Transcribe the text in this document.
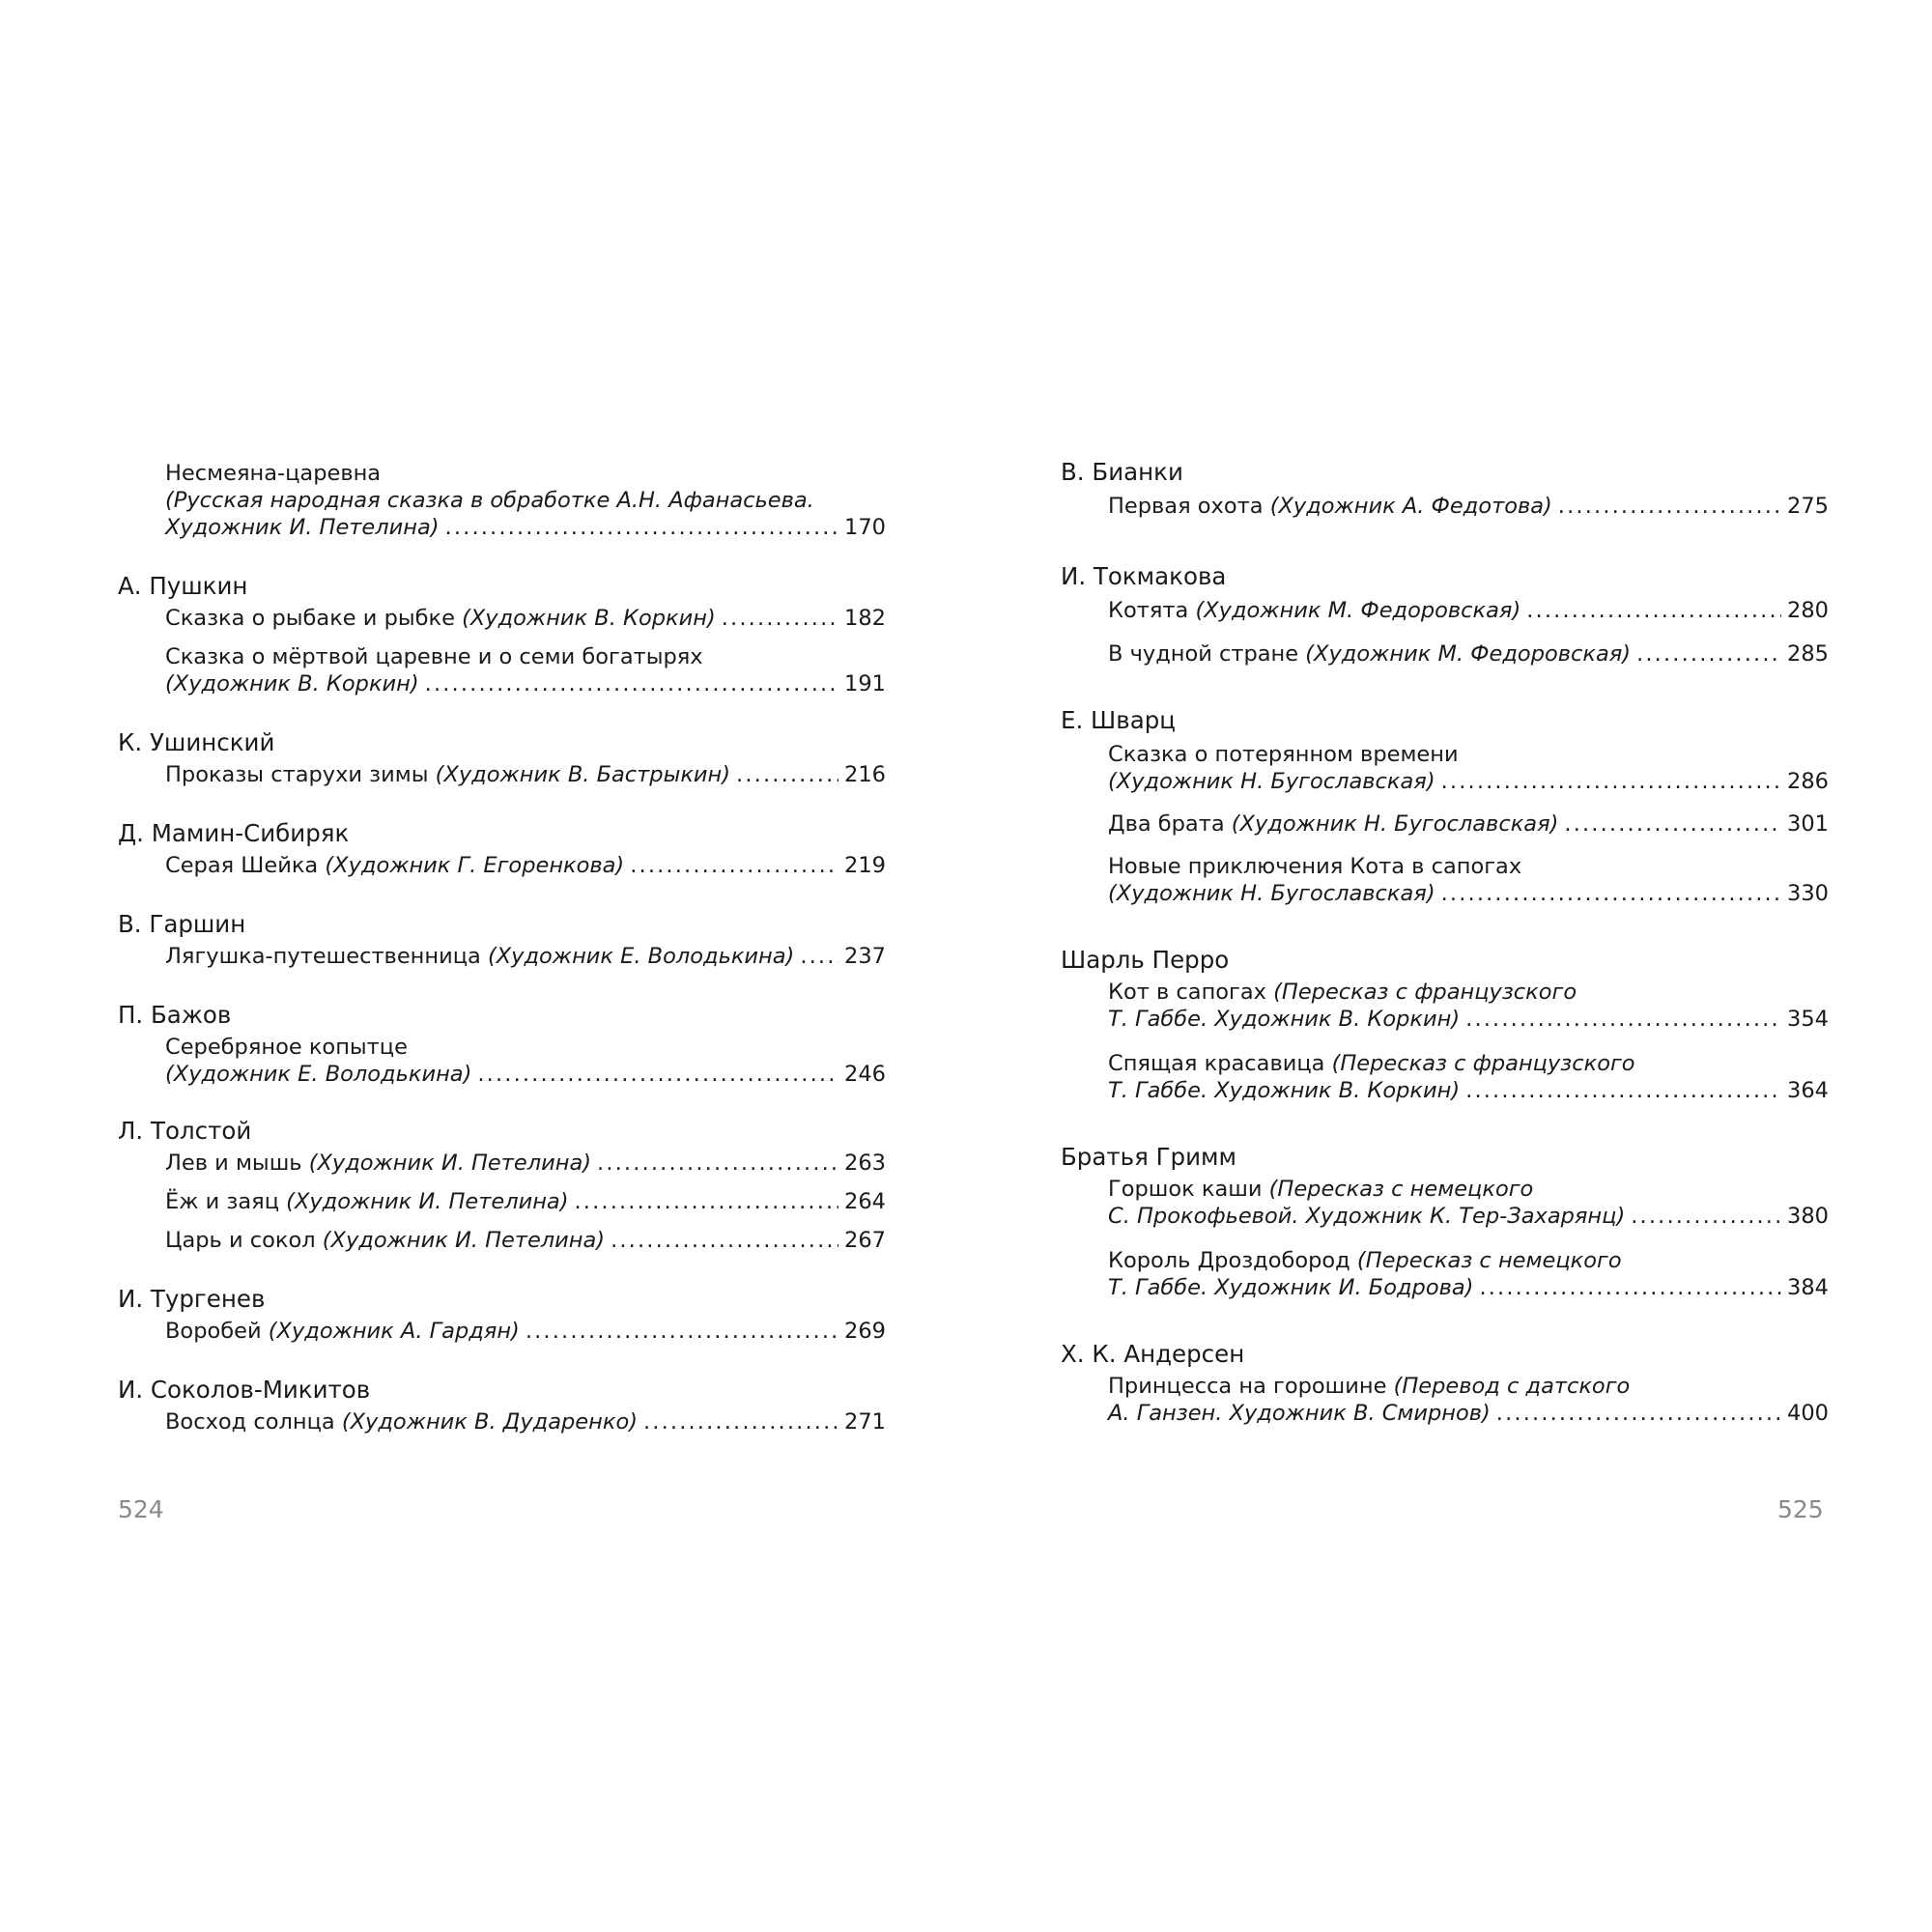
Несмеяна-царевна
(Русская народная сказка в обработке А.Н. Афанасьева.
Художник И. Петелина) . . .	170
А. Пушкин
Сказка о рыбаке и рыбке
(Художник В. Коркин) . . .	182
Сказка о мёртвой царевне и о семи богатырях
(Художник В. Коркин) . . .	191
К. Ушинский
Проказы старухи зимы
(Художник В. Бастрыкин) . . .	216
Д. Мамин-Сибиряк
Серая Шейка
(Художник Г. Егоренкова) . . .	219
В. Гаршин
Лягушка-путешественница
(Художник Е. Володькина) . . . 237
П. Бажов
Серебряное копытце
(Художник Е. Володькина) . . .	246
Л. Толстой
Лев и мышь
(Художник И. Петелина) . . .	263
Ёж и заяц
(Художник И. Петелина) . . .	264
Царь и сокол
(Художник И. Петелина) . . .	267
И. Тургенев
Воробей
(Художник А. Гардян) . . .	269
И. Соколов-Микитов
Восход солнца
(Художник В. Дударенко) . . .	271
В. Бианки
Первая охота
(Художник А. Федотова) . . .	275
И. Токмакова
Котята
(Художник М. Федоровская) . . .	280
В чудной стране
(Художник М. Федоровская) . . .	285
Е. Шварц
Сказка о потерянном времени
(Художник Н. Бугославская) . . .	286
Два брата
(Художник Н. Бугославская) . . .	301
Новые приключения Кота в сапогах
(Художник Н. Бугославская) . . .	330
Шарль Перро
Кот в сапогах (Пересказ с французского
Т. Габбе. Художник В. Коркин) . . .	354
Спящая красавица (Пересказ с французского
Т. Габбе. Художник В. Коркин) . . .	364
Братья Гримм
Горшок каши (Пересказ с немецкого
С. Прокофьевой. Художник К. Тер-Захарянц) . . .	380
Король Дроздобород (Пересказ с немецкого
Т. Габбе. Художник И. Бодрова) . . .	384
Х. К. Андерсен
Принцесса на горошине (Перевод с датского
А. Ганзен. Художник В. Смирнов) . . .	400
524	525
